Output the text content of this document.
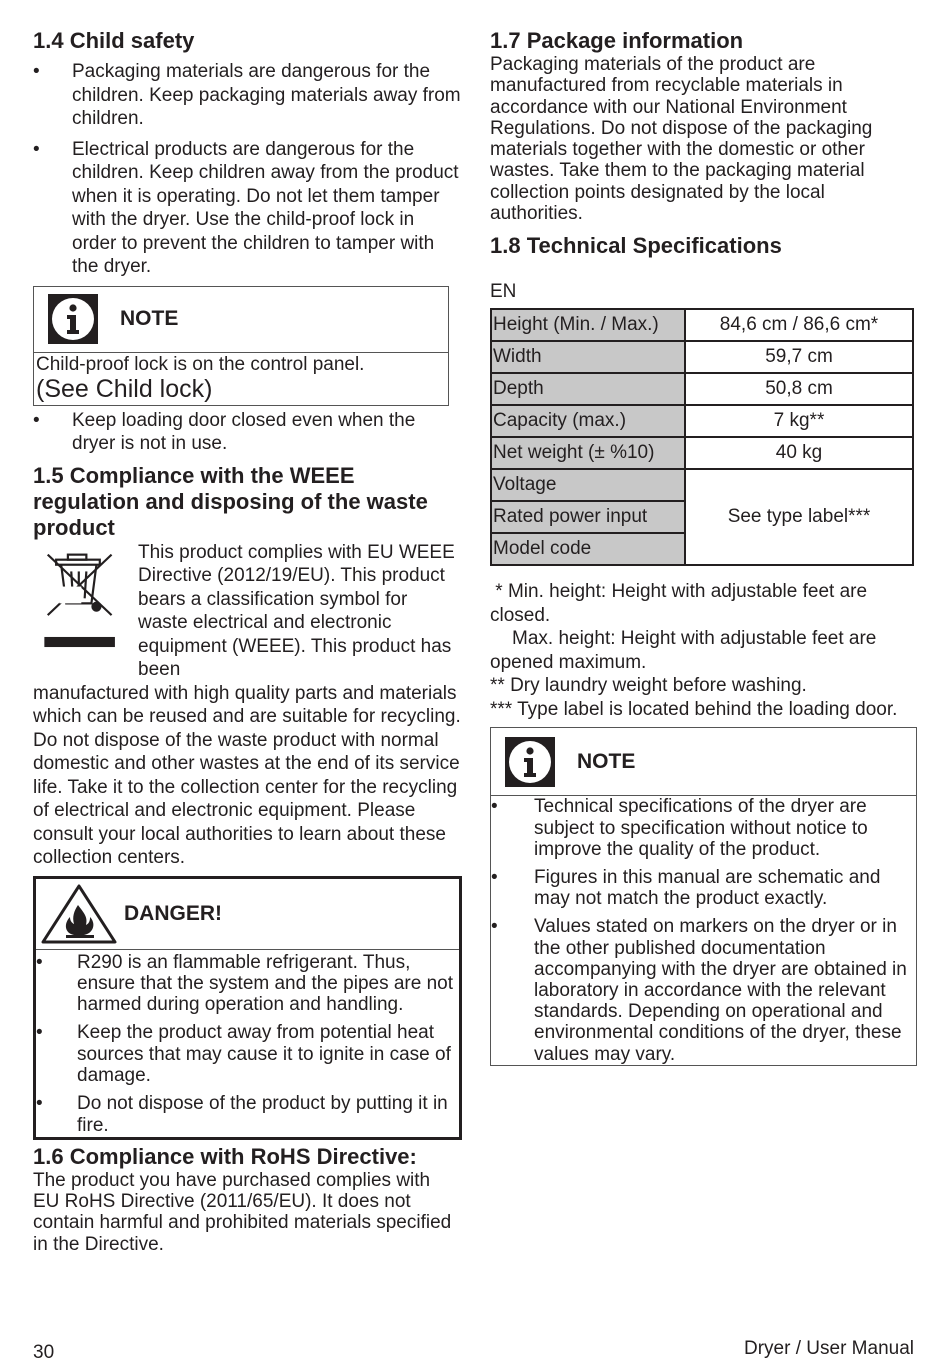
1.4 Child safety
• Packaging materials are dangerous for the children. Keep packaging materials away from children.
• Electrical products are dangerous for the children. Keep children away from the product when it is operating. Do not let them tamper with the dryer. Use the child-proof lock in order to prevent the children to tamper with the dryer.
NOTE
Child-proof lock is on the control panel.
(See Child lock)
• Keep loading door closed even when the dryer is not in use.
1.5 Compliance with the WEEE regulation and disposing of the waste product

This product complies with EU WEEE Directive (2012/19/EU). This product bears a classification symbol for waste electrical and electronic equipment (WEEE). This product has been

manufactured with high quality parts and materials which can be reused and are suitable for recycling. Do not dispose of the waste product with normal domestic and other wastes at the end of its service life. Take it to the collection center for the recycling of electrical and electronic equipment. Please consult your local authorities to learn about these collection centers.

DANGER!
• R290 is an flammable refrigerant. Thus, ensure that the system and the pipes are not harmed during operation and handling.
• Keep the product away from potential heat sources that may cause it to ignite in case of damage.
• Do not dispose of the product by putting it in fire.
1.6 Compliance with RoHS Directive:

The product you have purchased complies with EU RoHS Directive (2011/65/EU). It does not contain harmful and prohibited materials specified in the Directive.

1.7 Package information

Packaging materials of the product are manufactured from recyclable materials in accordance with our National Environment Regulations. Do not dispose of the packaging materials together with the domestic or other wastes. Take them to the packaging material collection points designated by the local authorities.

1.8 Technical Specifications
EN
Height (Min. / Max.)	84,6 cm / 86,6 cm*
Width	59,7 cm
Depth	50,8 cm
Capacity (max.)	7 kg**
Net weight (± %10)	40 kg
Voltage	See type label***
Rated power input	
Model code	

* Min. height: Height with adjustable feet are closed.

Max. height: Height with adjustable feet are opened maximum.

** Dry laundry weight before washing.

*** Type label is located behind the loading door.

NOTE
• Technical specifications of the dryer are subject to specification without notice to improve the quality of the product.
• Figures in this manual are schematic and may not match the product exactly.
• Values stated on markers on the dryer or in the other published documentation accompanying with the dryer are obtained in laboratory in accordance with the relevant standards. Depending on operational and environmental conditions of the dryer, these values may vary.
30	Dryer / User Manual
